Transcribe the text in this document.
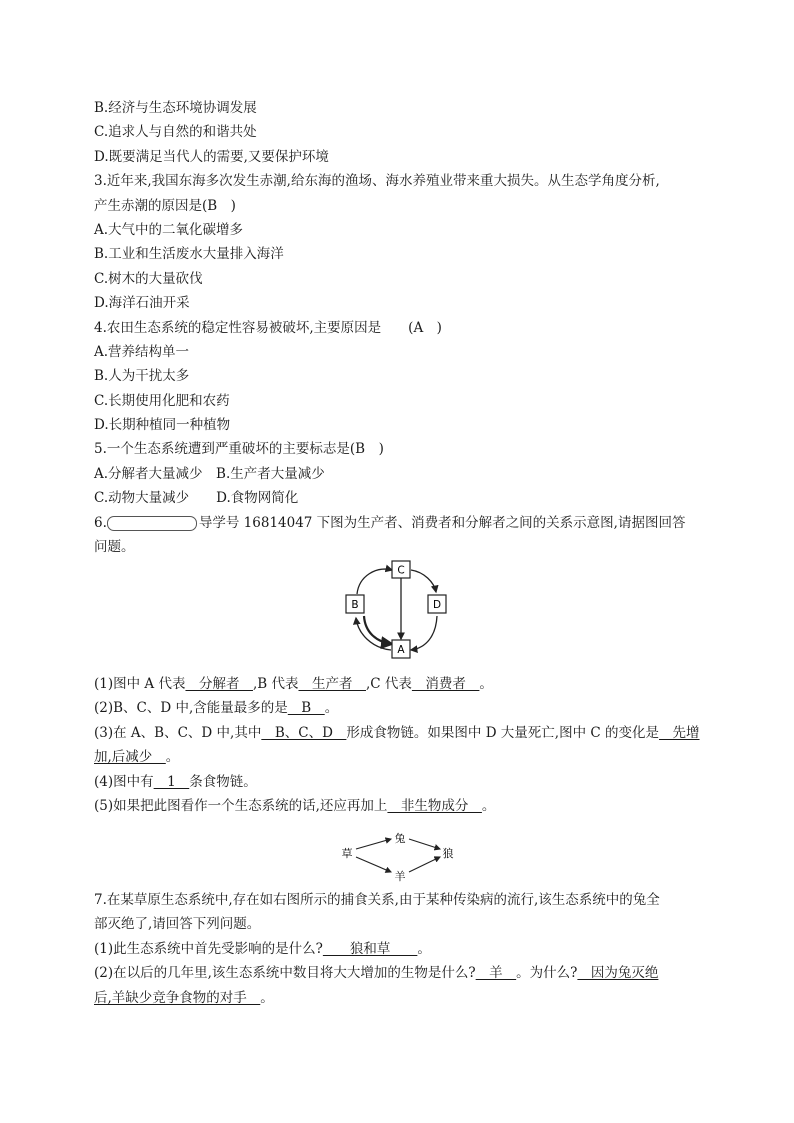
B.经济与生态环境协调发展
C.追求人与自然的和谐共处
D.既要满足当代人的需要,又要保护环境
3.近年来,我国东海多次发生赤潮,给东海的渔场、海水养殖业带来重大损失。从生态学角度分析,
产生赤潮的原因是(B　)
A.大气中的二氧化碳增多
B.工业和生活废水大量排入海洋
C.树木的大量砍伐
D.海洋石油开采
4.农田生态系统的稳定性容易被破坏,主要原因是　　(A　)
A.营养结构单一
B.人为干扰太多
C.长期使用化肥和农药
D.长期种植同一种植物
5.一个生态系统遭到严重破坏的主要标志是(B　)
A.分解者大量减少　B.生产者大量减少
C.动物大量减少　　D.食物网简化
6.	导学号 16814047 下图为生产者、消费者和分解者之间的关系示意图,请据图回答
问题。
C
B	D
A
(1)图中 A 代表　分解者　,B 代表　生产者　,C 代表　消费者　。
(2)B、C、D 中,含能量最多的是　B　。
(3)在 A、B、C、D 中,其中　B、C、D　形成食物链。如果图中 D 大量死亡,图中 C 的变化是　先增
加,后减少　。
(4)图中有　1　条食物链。
(5)如果把此图看作一个生态系统的话,还应再加上　非生物成分　。
草
兔
羊
狼
7.在某草原生态系统中,存在如右图所示的捕食关系,由于某种传染病的流行,该生态系统中的兔全
部灭绝了,请回答下列问题。
(1)此生态系统中首先受影响的是什么?　　狼和草　　。
(2)在以后的几年里,该生态系统中数目将大大增加的生物是什么?　羊　。为什么?　因为兔灭绝
后,羊缺少竞争食物的对手　。
